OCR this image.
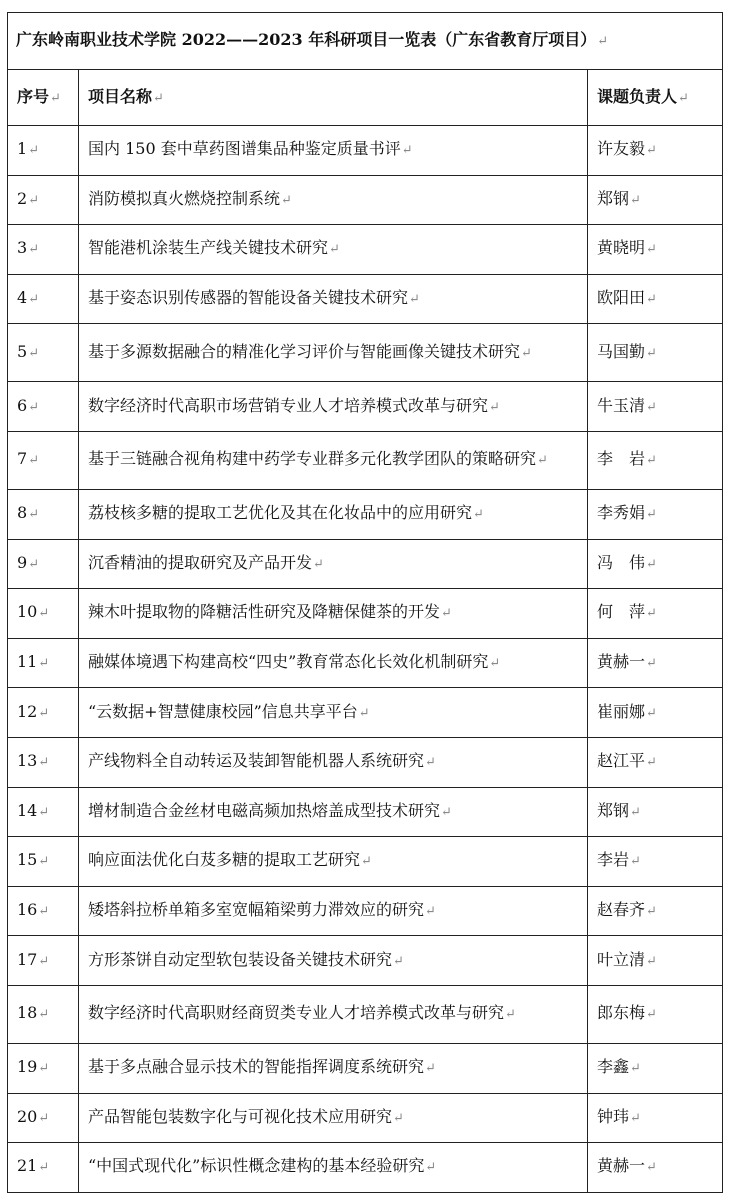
广东岭南职业技术学院 2022——2023 年科研项目一览表（广东省教育厅项目）↵		
序号↵	项目名称↵	课题负责人↵
1↵	国内 150 套中草药图谱集品种鉴定质量书评↵	许友毅↵
2↵	消防模拟真火燃烧控制系统↵	郑钢↵
3↵	智能港机涂装生产线关键技术研究↵	黄晓明↵
4↵	基于姿态识别传感器的智能设备关键技术研究↵	欧阳田↵
5↵	基于多源数据融合的精准化学习评价与智能画像关键技术研究↵	马国勤↵
6↵	数字经济时代高职市场营销专业人才培养模式改革与研究↵	牛玉清↵
7↵	基于三链融合视角构建中药学专业群多元化教学团队的策略研究↵	李　岩↵
8↵	荔枝核多糖的提取工艺优化及其在化妆品中的应用研究↵	李秀娟↵
9↵	沉香精油的提取研究及产品开发↵	冯　伟↵
10↵	辣木叶提取物的降糖活性研究及降糖保健茶的开发↵	何　萍↵
11↵	融媒体境遇下构建高校“四史”教育常态化长效化机制研究↵	黄赫一↵
12↵	“云数据+智慧健康校园”信息共享平台↵	崔丽娜↵
13↵	产线物料全自动转运及装卸智能机器人系统研究↵	赵江平↵
14↵	增材制造合金丝材电磁高频加热熔盖成型技术研究↵	郑钢↵
15↵	响应面法优化白芨多糖的提取工艺研究↵	李岩↵
16↵	矮塔斜拉桥单箱多室宽幅箱梁剪力滞效应的研究↵	赵春齐↵
17↵	方形茶饼自动定型软包装设备关键技术研究↵	叶立清↵
18↵	数字经济时代高职财经商贸类专业人才培养模式改革与研究↵	郎东梅↵
19↵	基于多点融合显示技术的智能指挥调度系统研究↵	李鑫↵
20↵	产品智能包装数字化与可视化技术应用研究↵	钟玮↵
21↵	“中国式现代化”标识性概念建构的基本经验研究↵	黄赫一↵
